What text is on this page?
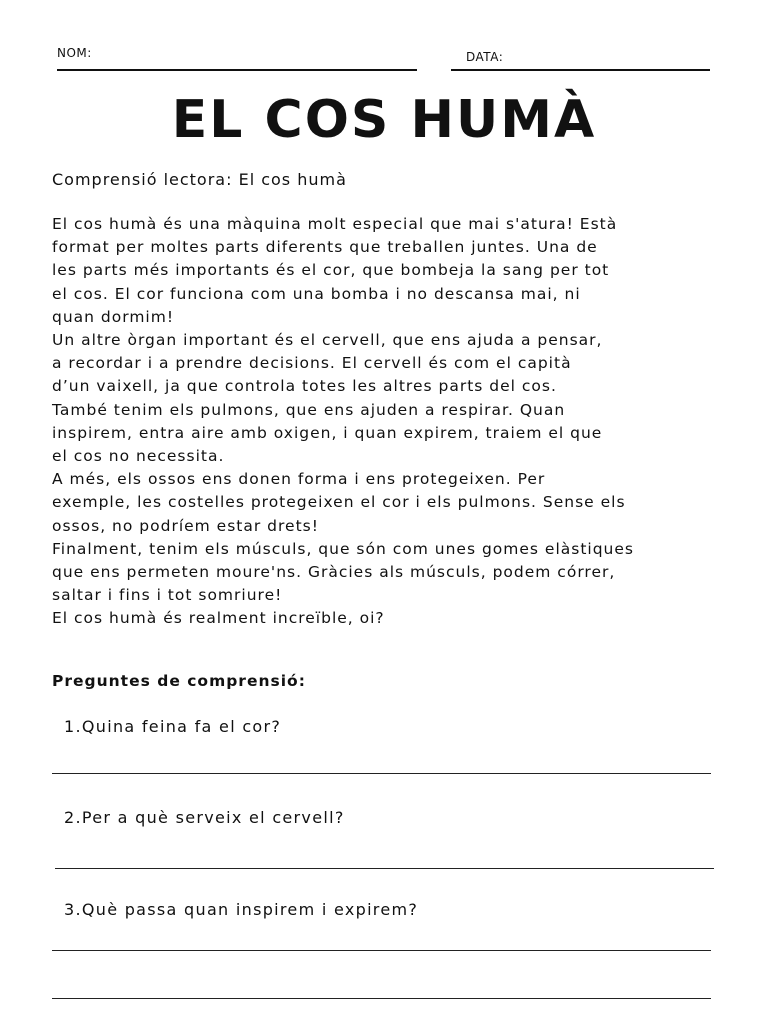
NOM:	DATA:
EL COS HUMÀ
Comprensió lectora: El cos humà
El cos humà és una màquina molt especial que mai s'atura! Està
format per moltes parts diferents que treballen juntes. Una de
les parts més importants és el cor, que bombeja la sang per tot
el cos. El cor funciona com una bomba i no descansa mai, ni
quan dormim!
Un altre òrgan important és el cervell, que ens ajuda a pensar,
a recordar i a prendre decisions. El cervell és com el capità
d’un vaixell, ja que controla totes les altres parts del cos.
També tenim els pulmons, que ens ajuden a respirar. Quan
inspirem, entra aire amb oxigen, i quan expirem, traiem el que
el cos no necessita.
A més, els ossos ens donen forma i ens protegeixen. Per
exemple, les costelles protegeixen el cor i els pulmons. Sense els
ossos, no podríem estar drets!
Finalment, tenim els músculs, que són com unes gomes elàstiques
que ens permeten moure'ns. Gràcies als músculs, podem córrer,
saltar i fins i tot somriure!
El cos humà és realment increïble, oi?
Preguntes de comprensió:
1.Quina feina fa el cor?
2.Per a què serveix el cervell?
3.Què passa quan inspirem i expirem?
